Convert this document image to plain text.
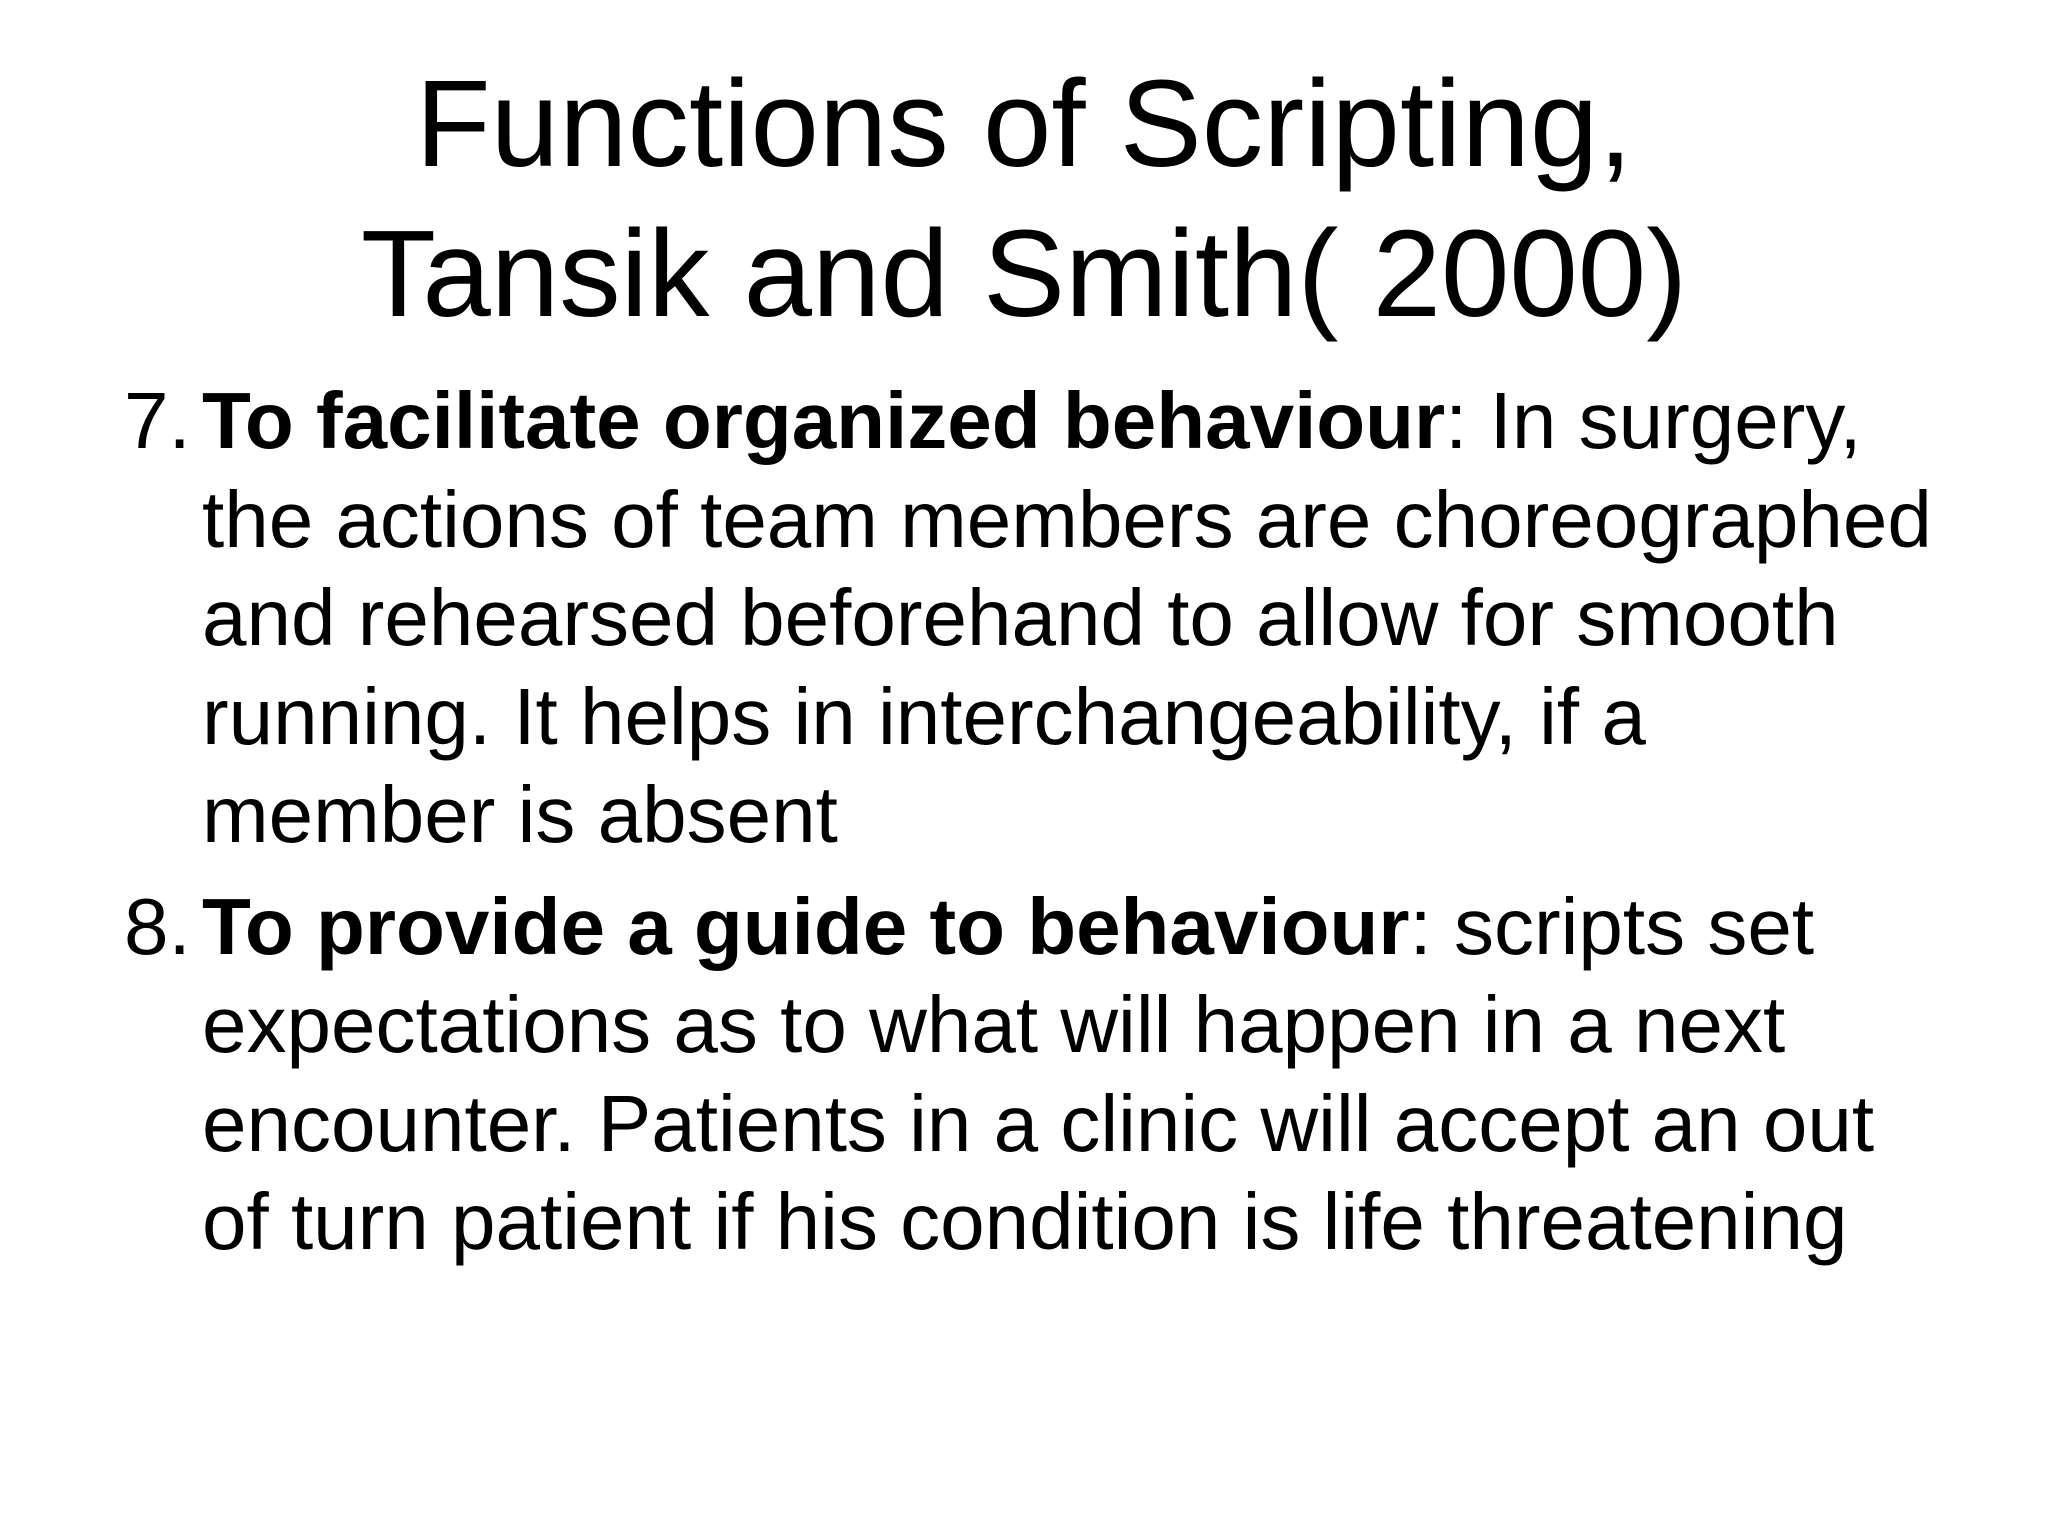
Functions of Scripting,
Tansik and Smith( 2000)

7. To facilitate organized behaviour: In surgery, the actions of team members are choreographed and rehearsed beforehand to allow for smooth running. It helps in interchangeability, if a member is absent

8. To provide a guide to behaviour: scripts set expectations as to what will happen in a next encounter. Patients in a clinic will accept an out of turn patient if his condition is life threatening
